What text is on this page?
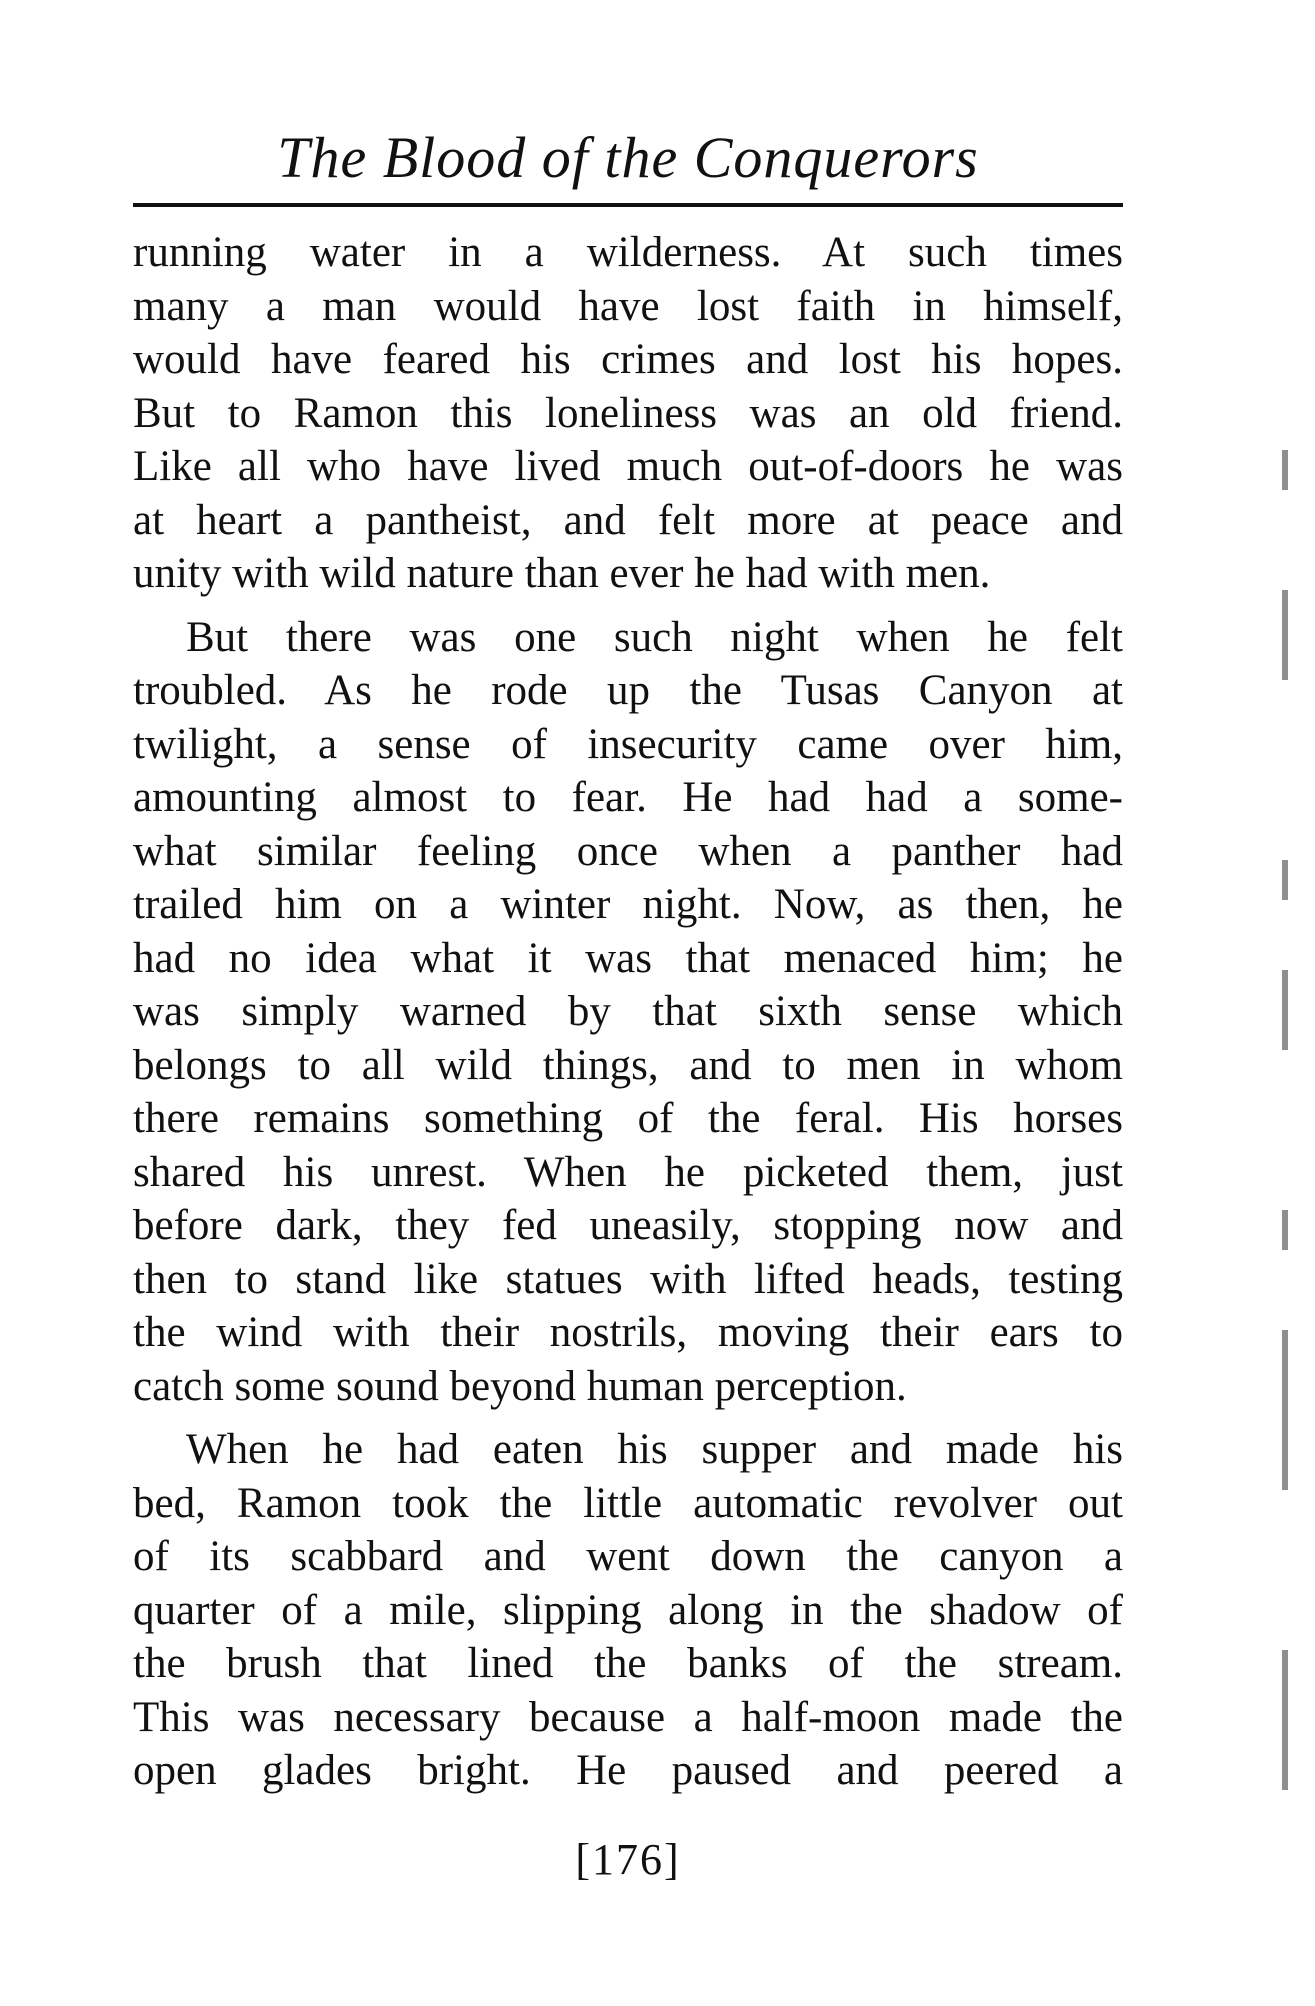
The Blood of the Conquerors
running water in a wilderness. At such times
many a man would have lost faith in himself,
would have feared his crimes and lost his hopes.
But to Ramon this loneliness was an old friend.
Like all who have lived much out-of-doors he was
at heart a pantheist, and felt more at peace and
unity with wild nature than ever he had with men.
But there was one such night when he felt
troubled. As he rode up the Tusas Canyon at
twilight, a sense of insecurity came over him,
amounting almost to fear. He had had a some-
what similar feeling once when a panther had
trailed him on a winter night. Now, as then, he
had no idea what it was that menaced him; he
was simply warned by that sixth sense which
belongs to all wild things, and to men in whom
there remains something of the feral. His horses
shared his unrest. When he picketed them, just
before dark, they fed uneasily, stopping now and
then to stand like statues with lifted heads, testing
the wind with their nostrils, moving their ears to
catch some sound beyond human perception.
When he had eaten his supper and made his
bed, Ramon took the little automatic revolver out
of its scabbard and went down the canyon a
quarter of a mile, slipping along in the shadow of
the brush that lined the banks of the stream.
This was necessary because a half-moon made the
open glades bright. He paused and peered a
[176]
